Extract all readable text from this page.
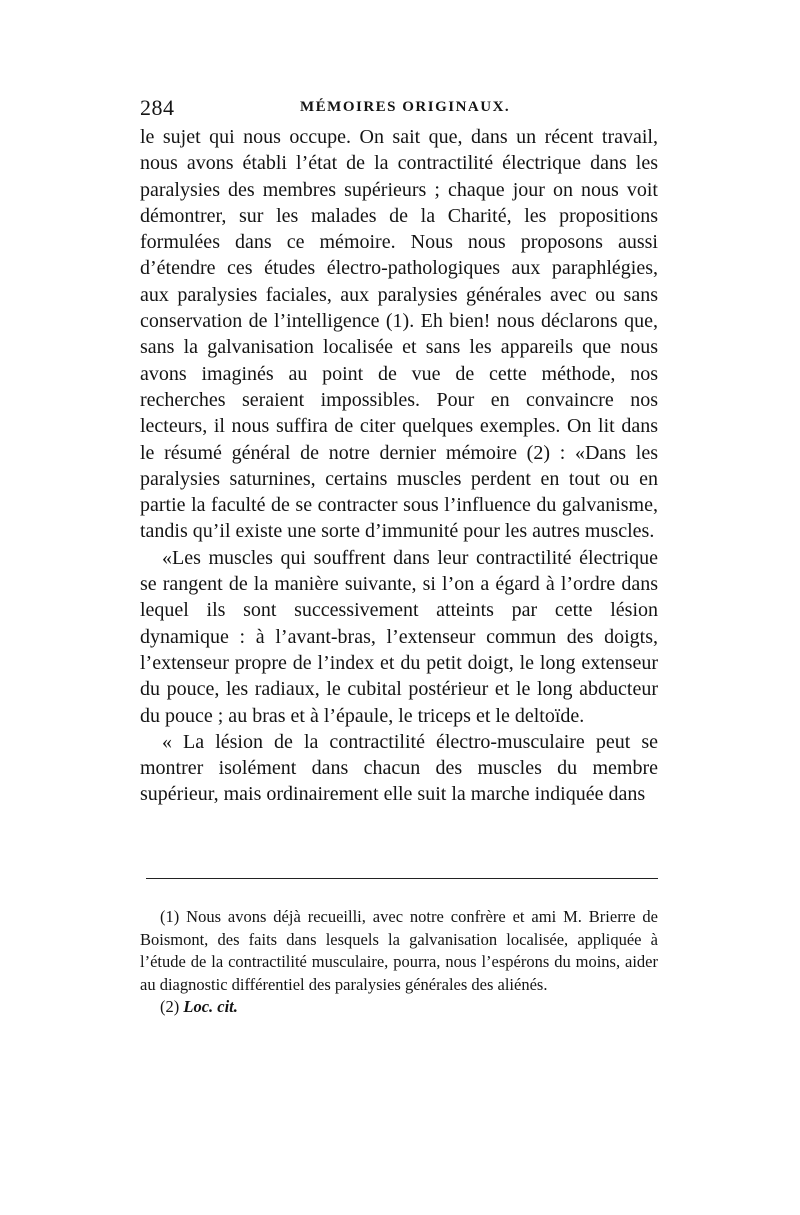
284	MÉMOIRES ORIGINAUX.

le sujet qui nous occupe. On sait que, dans un récent travail, nous avons établi l’état de la contractilité électrique dans les paralysies des membres supérieurs ; chaque jour on nous voit démontrer, sur les malades de la Charité, les propositions formulées dans ce mémoire. Nous nous proposons aussi d’étendre ces études électro-pathologiques aux paraphlégies, aux paralysies faciales, aux paralysies générales avec ou sans conservation de l’intelligence (1). Eh bien! nous déclarons que, sans la galvanisation localisée et sans les appareils que nous avons imaginés au point de vue de cette méthode, nos recherches seraient impossibles. Pour en convaincre nos lecteurs, il nous suffira de citer quelques exemples. On lit dans le résumé général de notre dernier mémoire (2) : «Dans les paralysies saturnines, certains muscles perdent en tout ou en partie la faculté de se contracter sous l’influence du galvanisme, tandis qu’il existe une sorte d’immunité pour les autres muscles.

«Les muscles qui souffrent dans leur contractilité électrique se rangent de la manière suivante, si l’on a égard à l’ordre dans lequel ils sont successivement atteints par cette lésion dynamique : à l’avant-bras, l’extenseur commun des doigts, l’extenseur propre de l’index et du petit doigt, le long extenseur du pouce, les radiaux, le cubital postérieur et le long abducteur du pouce ; au bras et à l’épaule, le triceps et le deltoïde.

« La lésion de la contractilité électro-musculaire peut se montrer isolément dans chacun des muscles du membre supérieur, mais ordinairement elle suit la marche indiquée dans

(1) Nous avons déjà recueilli, avec notre confrère et ami M. Brierre de Boismont, des faits dans lesquels la galvanisation localisée, appliquée à l’étude de la contractilité musculaire, pourra, nous l’espérons du moins, aider au diagnostic différentiel des paralysies générales des aliénés.

(2) Loc. cit.
